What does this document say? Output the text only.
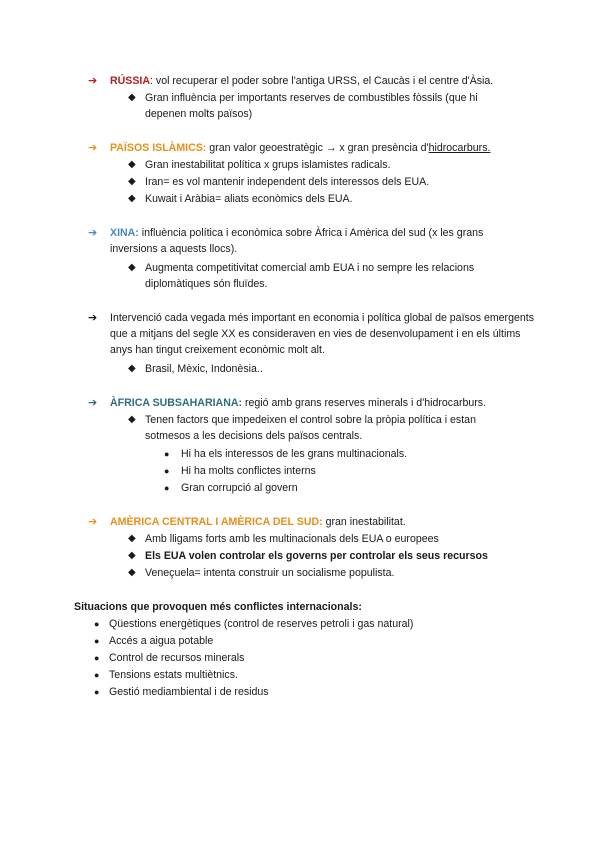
➔	RÚSSIA: vol recuperar el poder sobre l'antiga URSS, el Caucàs i el centre d'Àsia.
◆ Gran influència per importants reserves de combustibles fòssils (que hi depenen molts països)
➔	PAÏSOS ISLÀMICS: gran valor geoestratègic → x gran presència d'hidrocarburs.
◆ Gran inestabilitat política x grups islamistes radicals.
◆ Iran= es vol mantenir independent dels interessos dels EUA.
◆ Kuwait i Aràbia= aliats econòmics dels EUA.
➔	XINA: influència política i econòmica sobre Àfrica i Amèrica del sud (x les grans inversions a aquests llocs).
◆ Augmenta competitivitat comercial amb EUA i no sempre les relacions diplomàtiques són fluïdes.
➔	Intervenció cada vegada més important en economia i política global de països emergents que a mitjans del segle XX es consideraven en vies de desenvolupament i en els últims anys han tingut creixement econòmic molt alt.
◆ Brasil, Mèxic, Indonèsia..
➔	ÀFRICA SUBSAHARIANA: regió amb grans reserves minerals i d'hidrocarburs.
◆ Tenen factors que impedeixen el control sobre la pròpia política i estan sotmesos a les decisions dels països centrals.
● Hi ha els interessos de les grans multinacionals.
● Hi ha molts conflictes interns
● Gran corrupció al govern
➔	AMÈRICA CENTRAL I AMÈRICA DEL SUD: gran inestabilitat.
◆ Amb lligams forts amb les multinacionals dels EUA o europees
◆ Els EUA volen controlar els governs per controlar els seus recursos
◆ Veneçuela= intenta construir un socialisme populista.
Situacions que provoquen més conflictes internacionals:
● Qüestions energètiques (control de reserves petroli i gas natural)
● Accés a aigua potable
● Control de recursos minerals
● Tensions estats multiètnics.
● Gestió mediambiental i de residus
